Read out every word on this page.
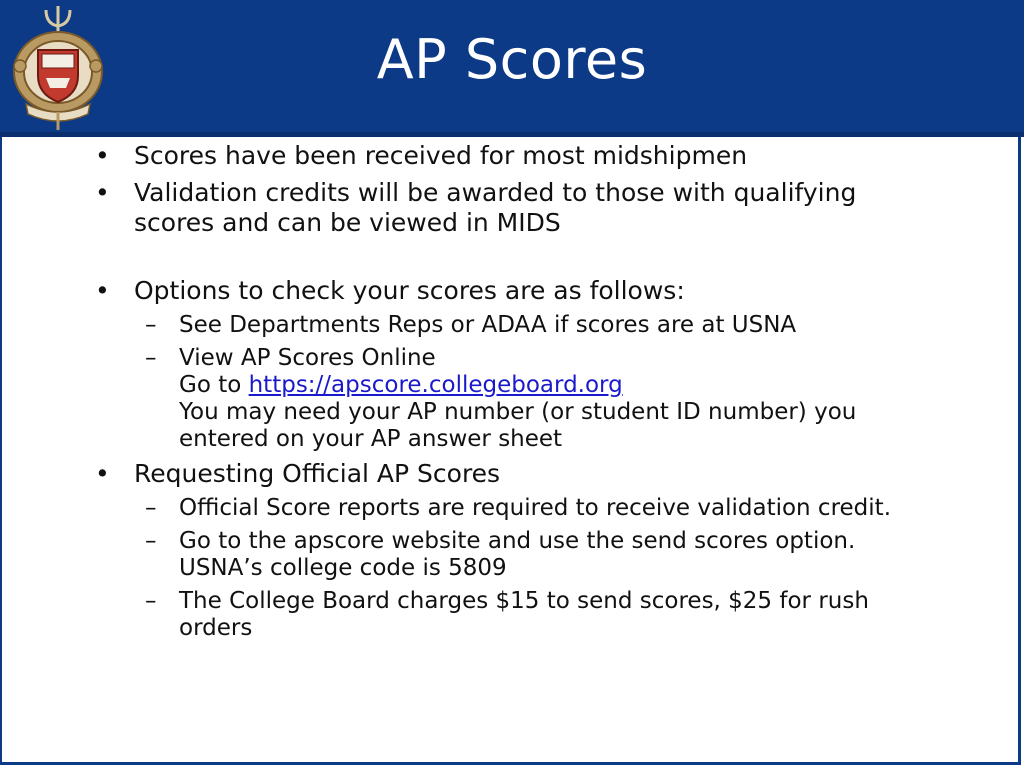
AP Scores

• Scores have been received for most midshipmen

• Validation credits will be awarded to those with qualifying
scores and can be viewed in MIDS

• Options to check your scores are as follows:

– See Departments Reps or ADAA if scores are at USNA

– View AP Scores Online
Go to https://apscore.collegeboard.org
You may need your AP number (or student ID number) you
entered on your AP answer sheet

• Requesting Official AP Scores

– Official Score reports are required to receive validation credit.

– Go to the apscore website and use the send scores option.
USNA’s college code is 5809

– The College Board charges $15 to send scores, $25 for rush
orders
